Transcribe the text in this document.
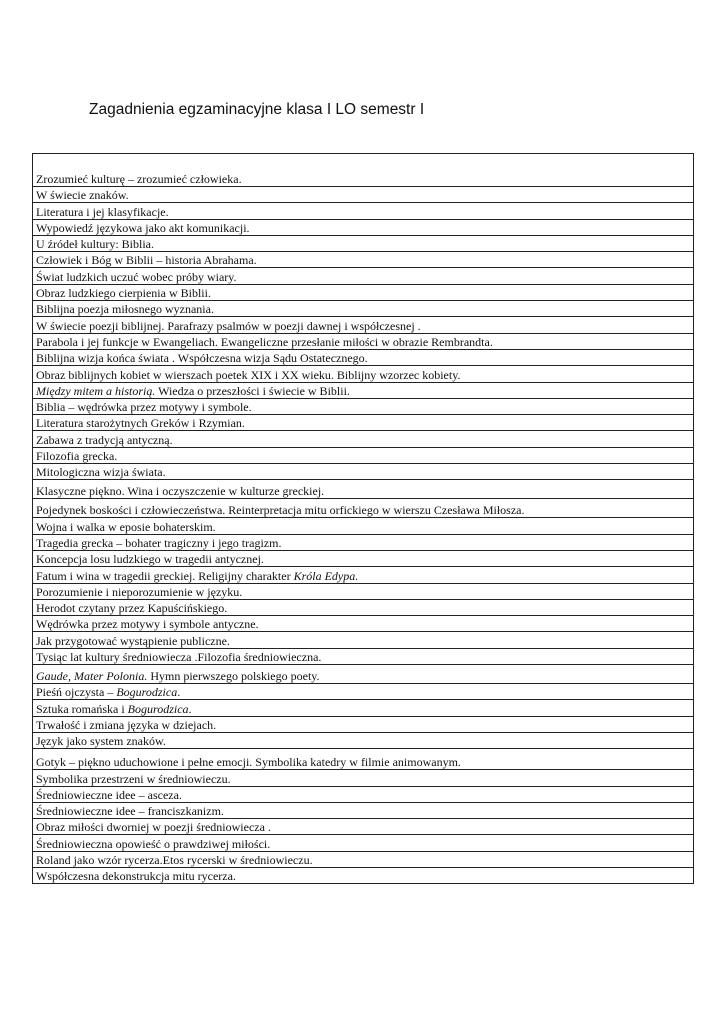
Zagadnienia egzaminacyjne klasa I LO semestr I
Zrozumieć kulturę – zrozumieć człowieka.
W świecie znaków.
Literatura i jej klasyfikacje.
Wypowiedź językowa jako akt komunikacji.
U źródeł kultury: Biblia.
Człowiek i Bóg w Biblii – historia Abrahama.
Świat ludzkich uczuć wobec próby wiary.
Obraz ludzkiego cierpienia w Biblii.
Biblijna poezja miłosnego wyznania.
W świecie poezji biblijnej. Parafrazy psalmów w poezji dawnej i współczesnej .
Parabola i jej funkcje w Ewangeliach. Ewangeliczne przesłanie miłości w obrazie Rembrandta.
Biblijna wizja końca świata . Współczesna wizja Sądu Ostatecznego.
Obraz biblijnych kobiet w wierszach poetek XIX i XX wieku. Biblijny wzorzec kobiety.
Między mitem a historią. Wiedza o przeszłości i świecie w Biblii.
Biblia – wędrówka przez motywy i symbole.
Literatura starożytnych Greków i Rzymian.
Zabawa z tradycją antyczną.
Filozofia grecka.
Mitologiczna wizja świata.
Klasyczne piękno. Wina i oczyszczenie w kulturze greckiej.
Pojedynek boskości i człowieczeństwa. Reinterpretacja mitu orfickiego w wierszu Czesława Miłosza.
Wojna i walka w eposie bohaterskim.
Tragedia grecka – bohater tragiczny i jego tragizm.
Koncepcja losu ludzkiego w tragedii antycznej.
Fatum i wina w tragedii greckiej. Religijny charakter Króla Edypa.
Porozumienie i nieporozumienie w języku.
Herodot czytany przez Kapuścińskiego.
Wędrówka przez motywy i symbole antyczne.
Jak przygotować wystąpienie publiczne.
Tysiąc lat kultury średniowiecza .Filozofia średniowieczna.
Gaude, Mater Polonia. Hymn pierwszego polskiego poety.
Pieśń ojczysta – Bogurodzica.
Sztuka romańska i Bogurodzica.
Trwałość i zmiana języka w dziejach.
Język jako system znaków.
Gotyk – piękno uduchowione i pełne emocji. Symbolika katedry w filmie animowanym.
Symbolika przestrzeni w średniowieczu.
Średniowieczne idee – asceza.
Średniowieczne idee – franciszkanizm.
Obraz miłości dworniej w poezji średniowiecza .
Średniowieczna opowieść o prawdziwej miłości.
Roland jako wzór rycerza.Etos rycerski w średniowieczu.
Współczesna dekonstrukcja mitu rycerza.
